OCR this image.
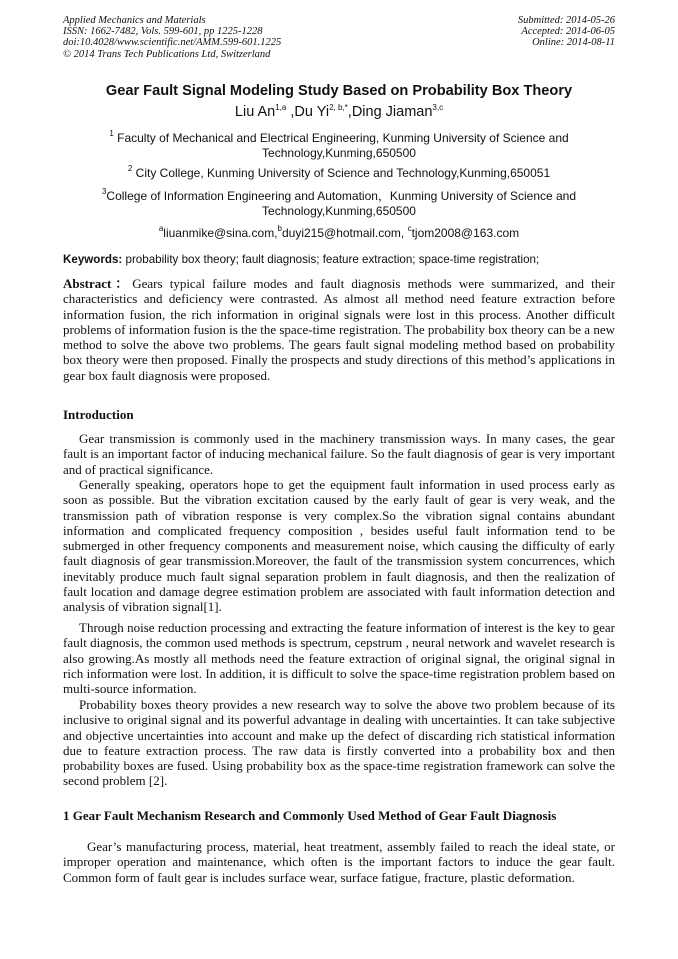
Applied Mechanics and Materials
ISSN: 1662-7482, Vols. 599-601, pp 1225-1228
doi:10.4028/www.scientific.net/AMM.599-601.1225
© 2014 Trans Tech Publications Ltd, Switzerland
Submitted: 2014-05-26
Accepted: 2014-06-05
Online: 2014-08-11
Gear Fault Signal Modeling Study Based on Probability Box Theory
Liu An$^{1,a}$ ,Du $Yi^{2, b,*},Ding$ Jiaman$^{3,c}$
$^1$ Faculty of Mechanical and Electrical Engineering, Kunming University of Science and Technology,Kunming,650500
$^2$ City College, Kunming University of Science and Technology,Kunming,650051
$^3$College of Information Engineering and Automation，Kunming University of Science and Technology,Kunming,650500
$^a$liuanmike@sina.com,$^b$duyi215@hotmail.com, $^c$tjom2008@163.com
Keywords: probability box theory; fault diagnosis; feature extraction; space-time registration;
Abstract：Gears typical failure modes and fault diagnosis methods were summarized, and their characteristics and deficiency were contrasted. As almost all method need feature extraction before information fusion, the rich information in original signals were lost in this process. Another difficult problems of information fusion is the the space-time registration. The probability box theory can be a new method to solve the above two problems. The gears fault signal modeling method based on probability box theory were then proposed. Finally the prospects and study directions of this method’s applications in gear box fault diagnosis were proposed.
Introduction
Gear transmission is commonly used in the machinery transmission ways. In many cases, the gear fault is an important factor of inducing mechanical failure. So the fault diagnosis of gear is very important and of practical significance.
Generally speaking, operators hope to get the equipment fault information in used process early as soon as possible. But the vibration excitation caused by the early fault of gear is very weak, and the transmission path of vibration response is very complex.So the vibration signal contains abundant information and complicated frequency composition , besides useful fault information tend to be submerged in other frequency components and measurement noise, which causing the difficulty of early fault diagnosis of gear transmission.Moreover, the fault of the transmission system concurrences, which inevitably produce much fault signal separation problem in fault diagnosis, and then the realization of fault location and damage degree estimation problem are associated with fault information detection and analysis of vibration signal[1].
Through noise reduction processing and extracting the feature information of interest is the key to gear fault diagnosis, the common used methods is spectrum, cepstrum , neural network and wavelet research is also growing.As mostly all methods need the feature extraction of original signal, the original signal in rich information were lost. In addition, it is difficult to solve the space-time registration problem based on multi-source information.
Probability boxes theory provides a new research way to solve the above two problem because of its inclusive to original signal and its powerful advantage in dealing with uncertainties. It can take subjective and objective uncertainties into account and make up the defect of discarding rich statistical information due to feature extraction process. The raw data is firstly converted into a probability box and then probability boxes are fused. Using probability box as the space-time registration framework can solve the second problem [2].
1 Gear Fault Mechanism Research and Commonly Used Method of Gear Fault Diagnosis
Gear’s manufacturing process, material, heat treatment, assembly failed to reach the ideal state, or improper operation and maintenance, which often is the important factors to induce the gear fault. Common form of fault gear is includes surface wear, surface fatigue, fracture, plastic deformation.
